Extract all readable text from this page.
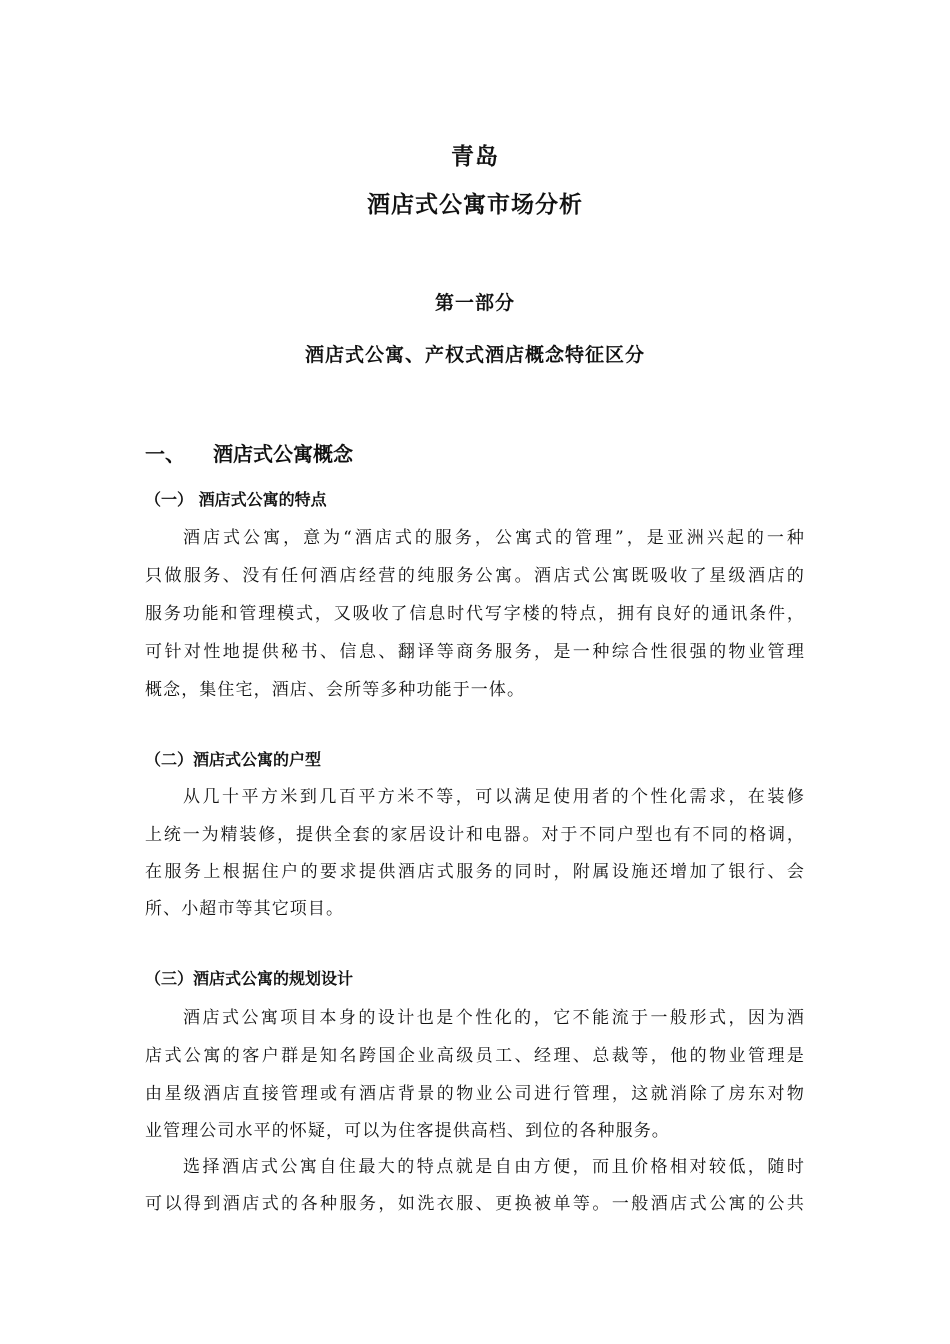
青岛
酒店式公寓市场分析
第一部分
酒店式公寓、产权式酒店概念特征区分
一、 酒店式公寓概念
（一） 酒店式公寓的特点
酒店式公寓，意为“酒店式的服务，公寓式的管理”，是亚洲兴起的一种
只做服务、没有任何酒店经营的纯服务公寓。酒店式公寓既吸收了星级酒店的
服务功能和管理模式，又吸收了信息时代写字楼的特点，拥有良好的通讯条件，
可针对性地提供秘书、信息、翻译等商务服务，是一种综合性很强的物业管理
概念，集住宅，酒店、会所等多种功能于一体。
（二）酒店式公寓的户型
从几十平方米到几百平方米不等，可以满足使用者的个性化需求，在装修
上统一为精装修，提供全套的家居设计和电器。对于不同户型也有不同的格调，
在服务上根据住户的要求提供酒店式服务的同时，附属设施还增加了银行、会
所、小超市等其它项目。
（三）酒店式公寓的规划设计
酒店式公寓项目本身的设计也是个性化的，它不能流于一般形式，因为酒
店式公寓的客户群是知名跨国企业高级员工、经理、总裁等，他的物业管理是
由星级酒店直接管理或有酒店背景的物业公司进行管理，这就消除了房东对物
业管理公司水平的怀疑，可以为住客提供高档、到位的各种服务。
选择酒店式公寓自住最大的特点就是自由方便，而且价格相对较低，随时
可以得到酒店式的各种服务，如洗衣服、更换被单等。一般酒店式公寓的公共
